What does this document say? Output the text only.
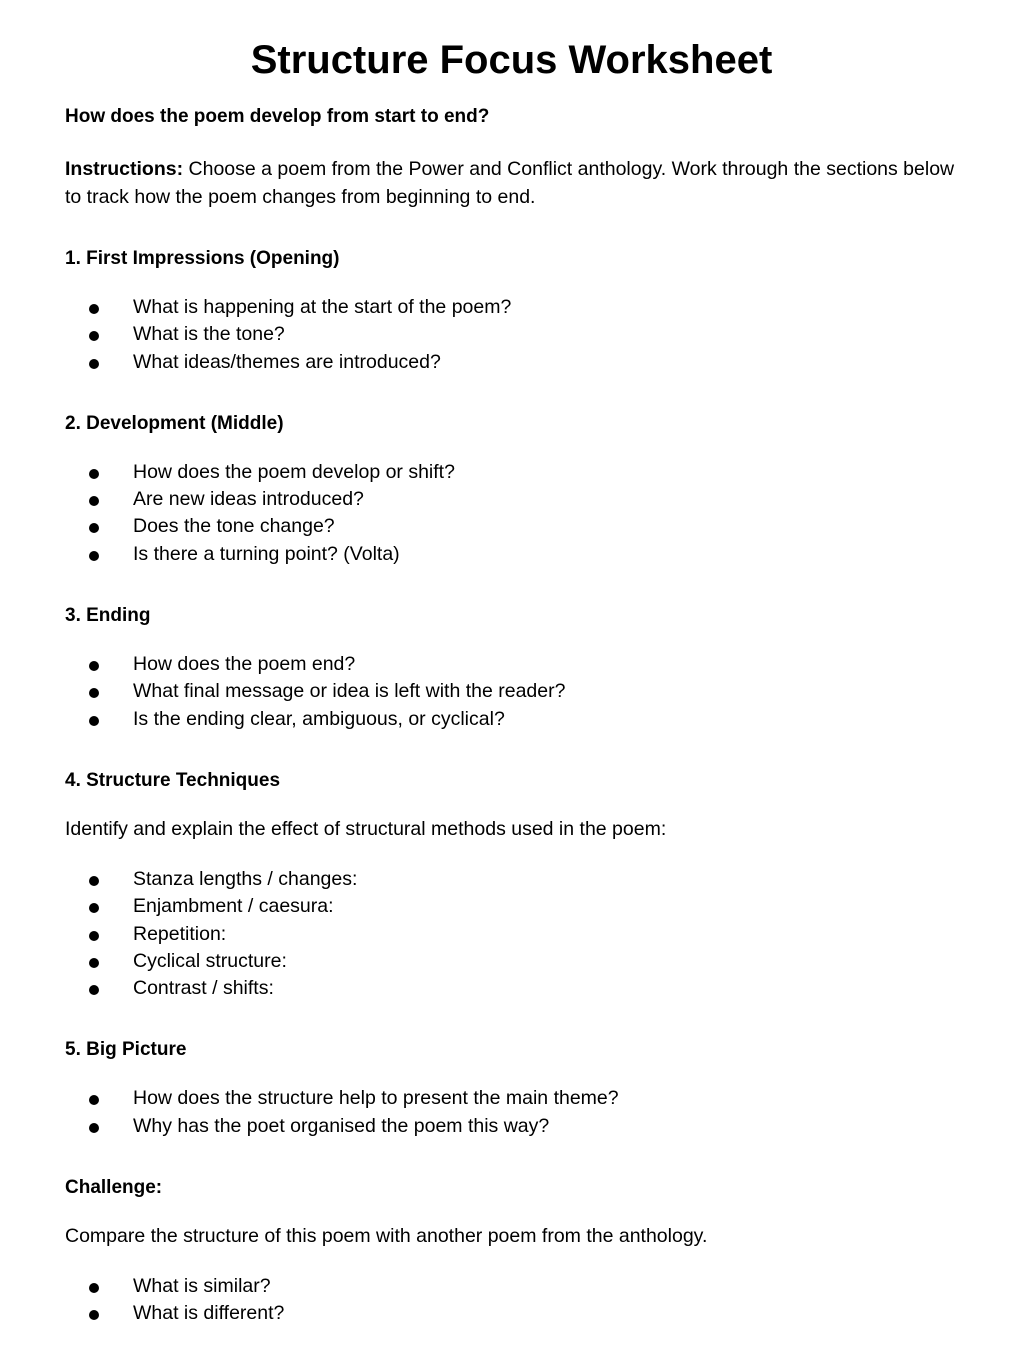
Structure Focus Worksheet
How does the poem develop from start to end?
Instructions: Choose a poem from the Power and Conflict anthology. Work through the sections below to track how the poem changes from beginning to end.
1. First Impressions (Opening)
What is happening at the start of the poem?
What is the tone?
What ideas/themes are introduced?
2. Development (Middle)
How does the poem develop or shift?
Are new ideas introduced?
Does the tone change?
Is there a turning point? (Volta)
3. Ending
How does the poem end?
What final message or idea is left with the reader?
Is the ending clear, ambiguous, or cyclical?
4. Structure Techniques
Identify and explain the effect of structural methods used in the poem:
Stanza lengths / changes:
Enjambment / caesura:
Repetition:
Cyclical structure:
Contrast / shifts:
5. Big Picture
How does the structure help to present the main theme?
Why has the poet organised the poem this way?
Challenge:
Compare the structure of this poem with another poem from the anthology.
What is similar?
What is different?
